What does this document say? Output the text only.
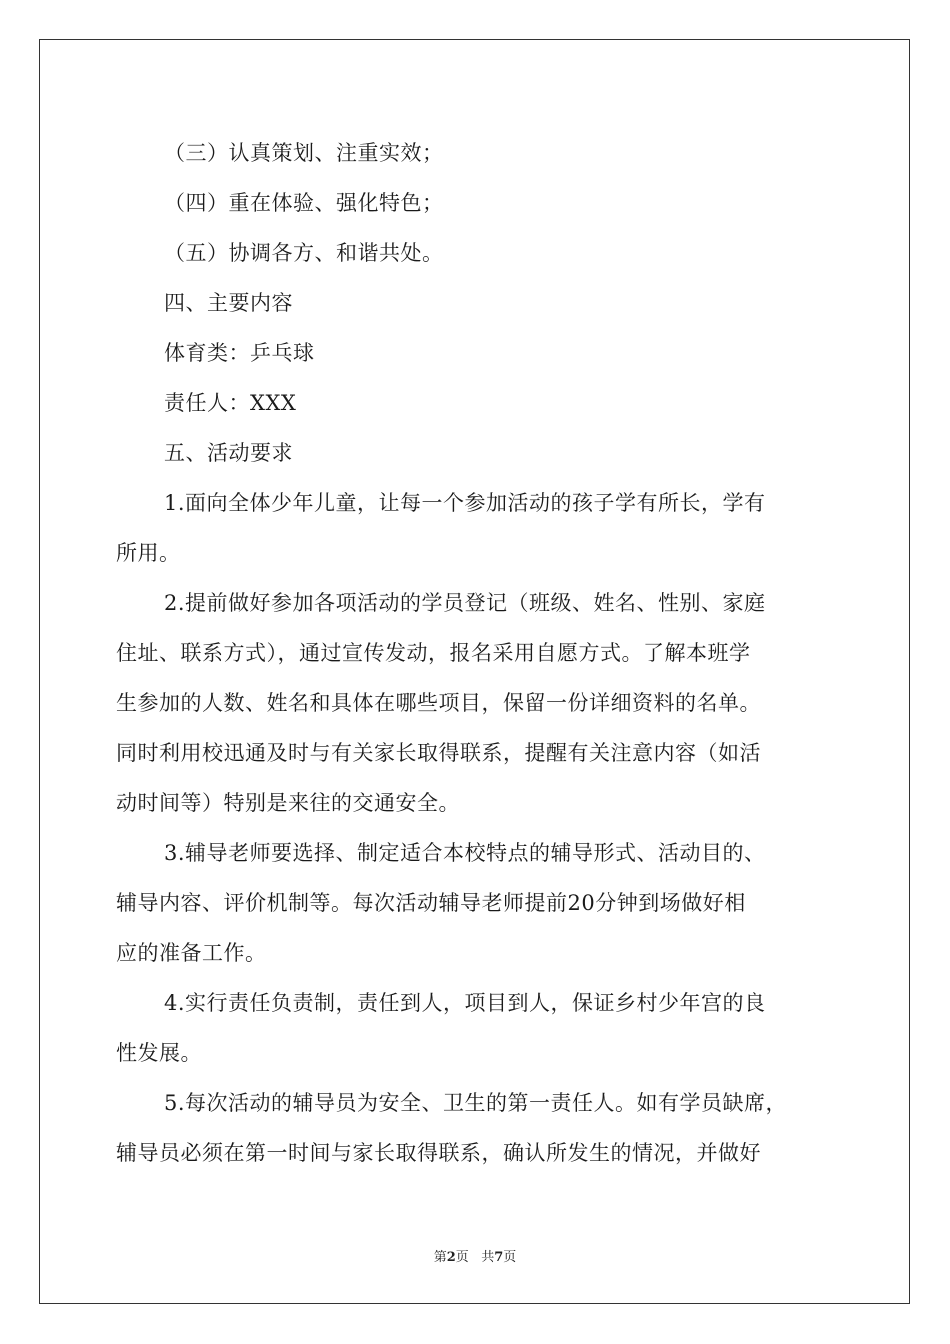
（三）认真策划、注重实效；
（四）重在体验、强化特色；
（五）协调各方、和谐共处。
四、主要内容
体育类：乒乓球
责任人：XXX
五、活动要求
1.面向全体少年儿童，让每一个参加活动的孩子学有所长，学有
所用。
2.提前做好参加各项活动的学员登记（班级、姓名、性别、家庭
住址、联系方式），通过宣传发动，报名采用自愿方式。了解本班学
生参加的人数、姓名和具体在哪些项目，保留一份详细资料的名单。
同时利用校迅通及时与有关家长取得联系，提醒有关注意内容（如活
动时间等）特别是来往的交通安全。
3.辅导老师要选择、制定适合本校特点的辅导形式、活动目的、
辅导内容、评价机制等。每次活动辅导老师提前20分钟到场做好相
应的准备工作。
4.实行责任负责制，责任到人，项目到人，保证乡村少年宫的良
性发展。
5.每次活动的辅导员为安全、卫生的第一责任人。如有学员缺席，
辅导员必须在第一时间与家长取得联系，确认所发生的情况，并做好
第2页 共7页
